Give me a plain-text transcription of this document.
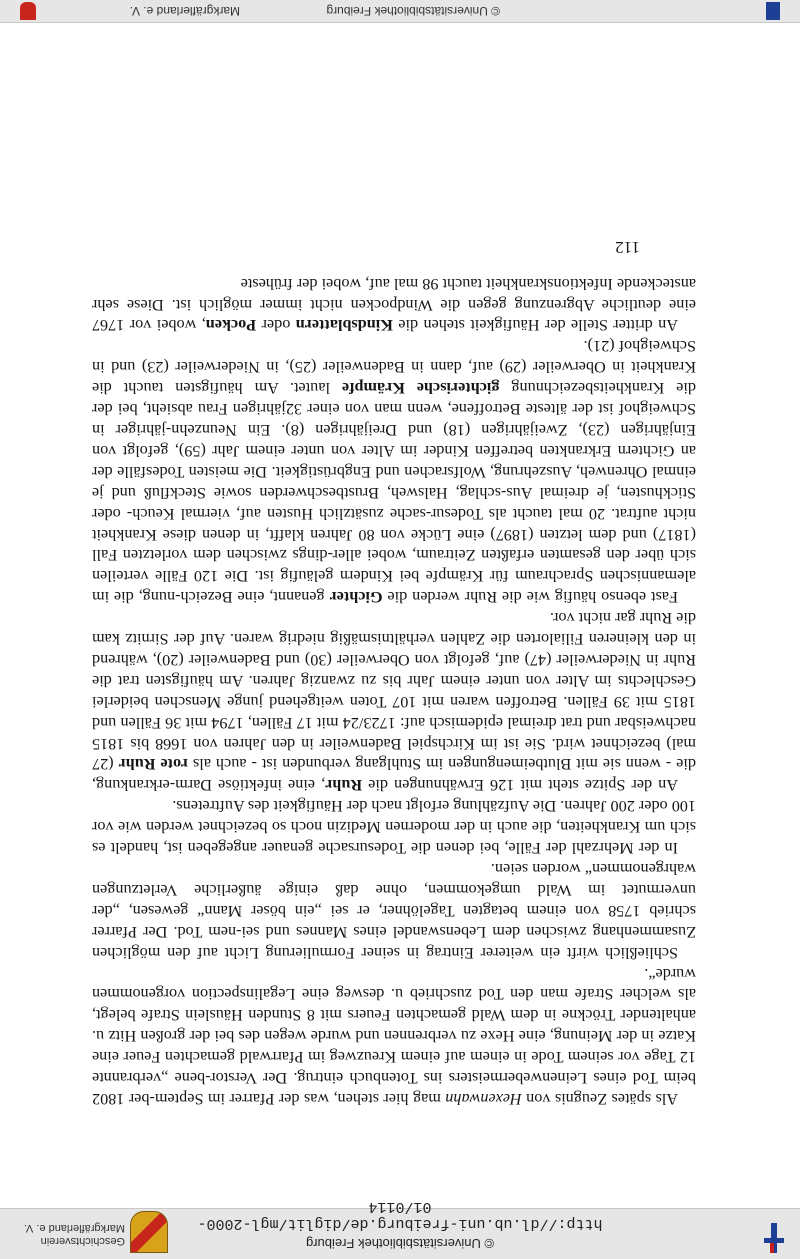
© Universitätsbibliothek Freiburg
http://dl.ub.uni-freiburg.de/diglit/mgl-2000-01/0114
Geschichtsverein
Markgräflerland e. V.

Als spätes Zeugnis von Hexenwahn mag hier stehen, was der Pfarrer im Septem-ber 1802 beim Tod eines Leinenwebermeisters ins Totenbuch eintrug. Der Verstor-bene „verbrannte 12 Tage vor seinem Tode in einem auf einem Kreuzweg im Pfarrwald gemachten Feuer eine Katze in der Meinung, eine Hexe zu verbrennen und wurde wegen des bei der großen Hitz u. anhaltender Tröckne in dem Wald gemachten Feuers mit 8 Stunden Häuslein Strafe belegt, als welcher Strafe man den Tod zuschrieb u. desweg eine Legalinspection vorgenommen wurde“.

Schließlich wirft ein weiterer Eintrag in seiner Formulierung Licht auf den möglichen Zusammenhang zwischen dem Lebenswandel eines Mannes und sei-nem Tod. Der Pfarrer schrieb 1758 von einem betagten Tagelöhner, er sei „ein böser Mann“ gewesen, „der unvermutet im Wald umgekommen, ohne daß einige äußerliche Verletzungen wahrgenommen“ worden seien.

In der Mehrzahl der Fälle, bei denen die Todesursache genauer angegeben ist, handelt es sich um Krankheiten, die auch in der modernen Medizin noch so bezeichnet werden wie vor 100 oder 200 Jahren. Die Aufzählung erfolgt nach der Häufigkeit des Auftretens.

An der Spitze steht mit 126 Erwähnungen die Ruhr, eine infektiöse Darm-erkrankung, die - wenn sie mit Blutbeimengungen im Stuhlgang verbunden ist - auch als rote Ruhr (27 mal) bezeichnet wird. Sie ist im Kirchspiel Badenweiler in den Jahren von 1668 bis 1815 nachweisbar und trat dreimal epidemisch auf: 1723/24 mit 17 Fällen, 1794 mit 36 Fällen und 1815 mit 39 Fällen. Betroffen waren mit 107 Toten weitgehend junge Menschen beiderlei Geschlechts im Alter von unter einem Jahr bis zu zwanzig Jahren. Am häufigsten trat die Ruhr in Niederweiler (47) auf, gefolgt von Oberweiler (30) und Badenweiler (20), während in den kleineren Filialorten die Zahlen verhältnismäßig niedrig waren. Auf der Sirnitz kam die Ruhr gar nicht vor.

Fast ebenso häufig wie die Ruhr werden die Gichter genannt, eine Bezeich-nung, die im alemannischen Sprachraum für Krämpfe bei Kindern geläufig ist. Die 120 Fälle verteilen sich über den gesamten erfaßten Zeitraum, wobei aller-dings zwischen dem vorletzten Fall (1817) und dem letzten (1897) eine Lücke von 80 Jahren klafft, in denen diese Krankheit nicht auftrat. 20 mal taucht als Todesur-sache zusätzlich Husten auf, viermal Keuch- oder Stickhusten, je dreimal Aus-schlag, Halsweh, Brustbeschwerden sowie Steckfluß und je einmal Ohrenweh, Auszehrung, Wolfsrachen und Engbrüstigkeit. Die meisten Todesfälle der an Gichtern Erkrankten betreffen Kinder im Alter von unter einem Jahr (59), gefolgt von Einjährigen (23), Zweijährigen (18) und Dreijährigen (8). Ein Neunzehn-jähriger in Schweighof ist der älteste Betroffene, wenn man von einer 32jährigen Frau absieht, bei der die Krankheitsbezeichnung gichterische Krämpfe lautet. Am häufigsten taucht die Krankheit in Oberweiler (29) auf, dann in Badenweiler (25), in Niederweiler (23) und in Schweighof (21).

An dritter Stelle der Häufigkeit stehen die Kindsblattern oder Pocken, wobei vor 1767 eine deutliche Abgrenzung gegen die Windpocken nicht immer möglich ist. Diese sehr ansteckende Infektionskrankheit taucht 98 mal auf, wobei der früheste

112
© Universitätsbibliothek Freiburg
Markgräflerland e. V.
